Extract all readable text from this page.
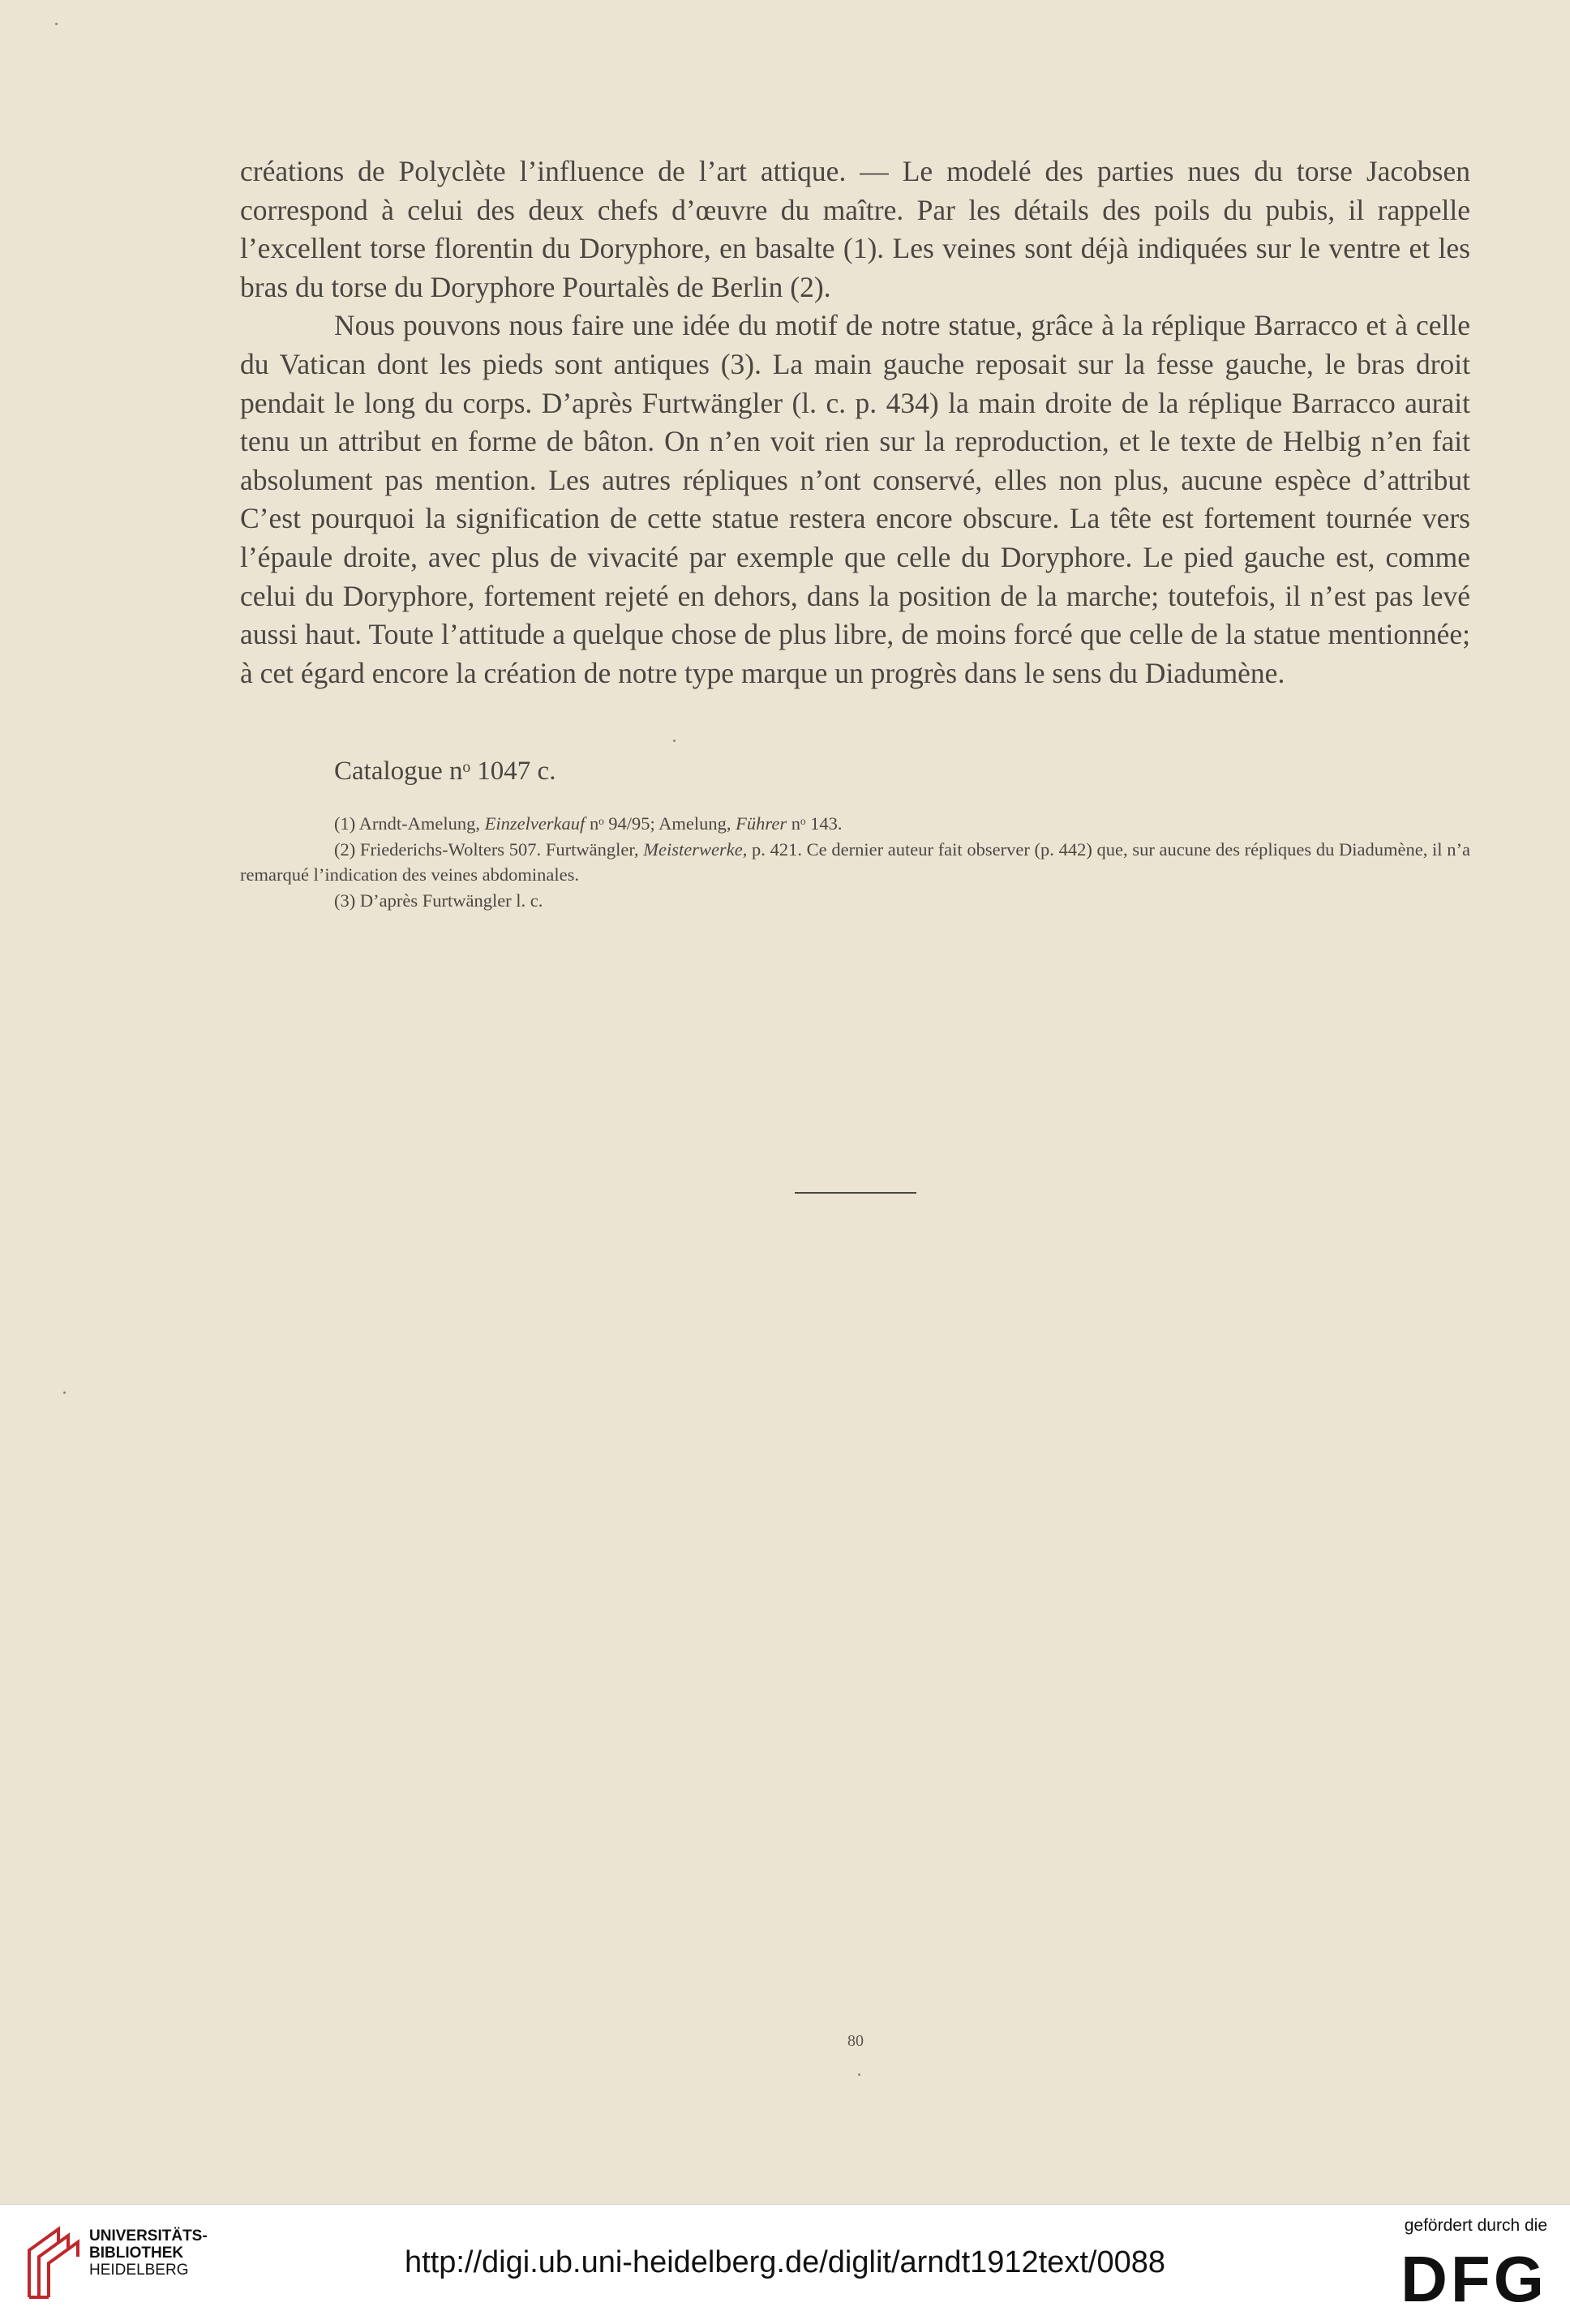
créations de Polyclète l’influence de l’art attique. — Le modelé des parties nues du torse Jacobsen correspond à celui des deux chefs d’œuvre du maître. Par les détails des poils du pubis, il rappelle l’excellent torse florentin du Doryphore, en basalte (1). Les veines sont déjà indiquées sur le ventre et les bras du torse du Doryphore Pourtalès de Berlin (2).

Nous pouvons nous faire une idée du motif de notre statue, grâce à la réplique Barracco et à celle du Vatican dont les pieds sont antiques (3). La main gauche reposait sur la fesse gauche, le bras droit pendait le long du corps. D’après Furtwängler (l. c. p. 434) la main droite de la réplique Barracco aurait tenu un attribut en forme de bâton. On n’en voit rien sur la reproduction, et le texte de Helbig n’en fait absolument pas mention. Les autres répliques n’ont conservé, elles non plus, aucune espèce d’attribut C’est pourquoi la signification de cette statue restera encore obscure. La tête est fortement tournée vers l’épaule droite, avec plus de vivacité par exemple que celle du Doryphore. Le pied gauche est, comme celui du Doryphore, fortement rejeté en dehors, dans la position de la marche; toutefois, il n’est pas levé aussi haut. Toute l’attitude a quelque chose de plus libre, de moins forcé que celle de la statue mentionnée; à cet égard encore la création de notre type marque un progrès dans le sens du Diadumène.

Catalogue nᵒ 1047 c.

(1) Arndt-Amelung, Einzelverkauf nᵒ 94/95; Amelung, Führer nᵒ 143.

(2) Friederichs-Wolters 507. Furtwängler, Meisterwerke, p. 421. Ce dernier auteur fait observer (p. 442) que, sur aucune des répliques du Diadumène, il n’a remarqué l’indication des veines abdominales.

(3) D’après Furtwängler l. c.

80
UNIVERSITÄTS-
BIBLIOTHEK
HEIDELBERG	http://digi.ub.uni-heidelberg.de/diglit/arndt1912text/0088
gefördert durch die
DFG
